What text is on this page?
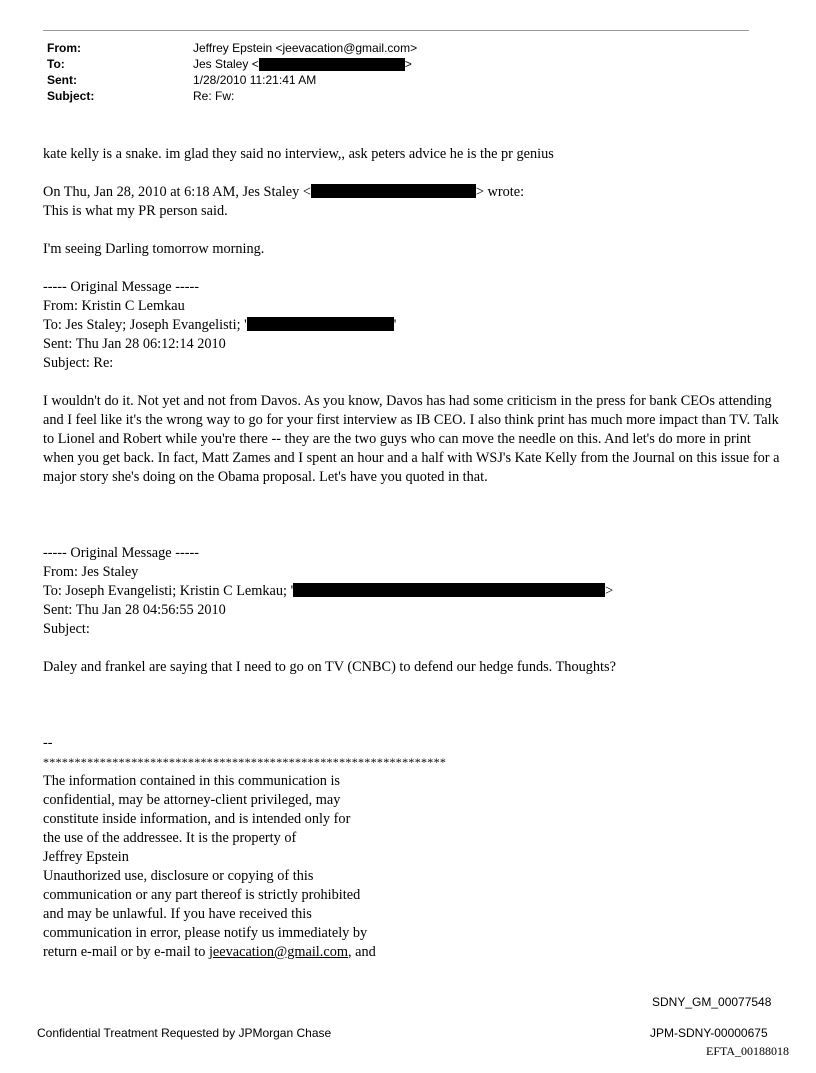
From:	Jeffrey Epstein <jeevacation@gmail.com>
To:	Jes Staley <	>
Sent:	1/28/2010 11:21:41 AM
Subject:	Re: Fw:

kate kelly is a snake. im glad they said no interview,, ask peters advice he is the pr genius

On Thu, Jan 28, 2010 at 6:18 AM, Jes Staley <	> wrote:

This is what my PR person said.

I'm seeing Darling tomorrow morning.

----- Original Message -----

From: Kristin C Lemkau

To: Jes Staley; Joseph Evangelisti; '	'

Sent: Thu Jan 28 06:12:14 2010

Subject: Re:

I wouldn't do it. Not yet and not from Davos. As you know, Davos has had some criticism in the press for bank CEOs attending and I feel like it's the wrong way to go for your first interview as IB CEO. I also think print has much more impact than TV. Talk to Lionel and Robert while you're there -- they are the two guys who can move the needle on this. And let's do more in print when you get back. In fact, Matt Zames and I spent an hour and a half with WSJ's Kate Kelly from the Journal on this issue for a major story she's doing on the Obama proposal. Let's have you quoted in that.

----- Original Message -----

From: Jes Staley

To: Joseph Evangelisti; Kristin C Lemkau; '	>

Sent: Thu Jan 28 04:56:55 2010

Subject:

Daley and frankel are saying that I need to go on TV (CNBC) to defend our hedge funds. Thoughts?

--

****************************************************************

The information contained in this communication is

confidential, may be attorney-client privileged, may

constitute inside information, and is intended only for

the use of the addressee. It is the property of

Jeffrey Epstein

Unauthorized use, disclosure or copying of this

communication or any part thereof is strictly prohibited

and may be unlawful. If you have received this

communication in error, please notify us immediately by

return e-mail or by e-mail to jeevacation@gmail.com, and

SDNY_GM_00077548
Confidential Treatment Requested by JPMorgan Chase	JPM-SDNY-00000675
EFTA_00188018
